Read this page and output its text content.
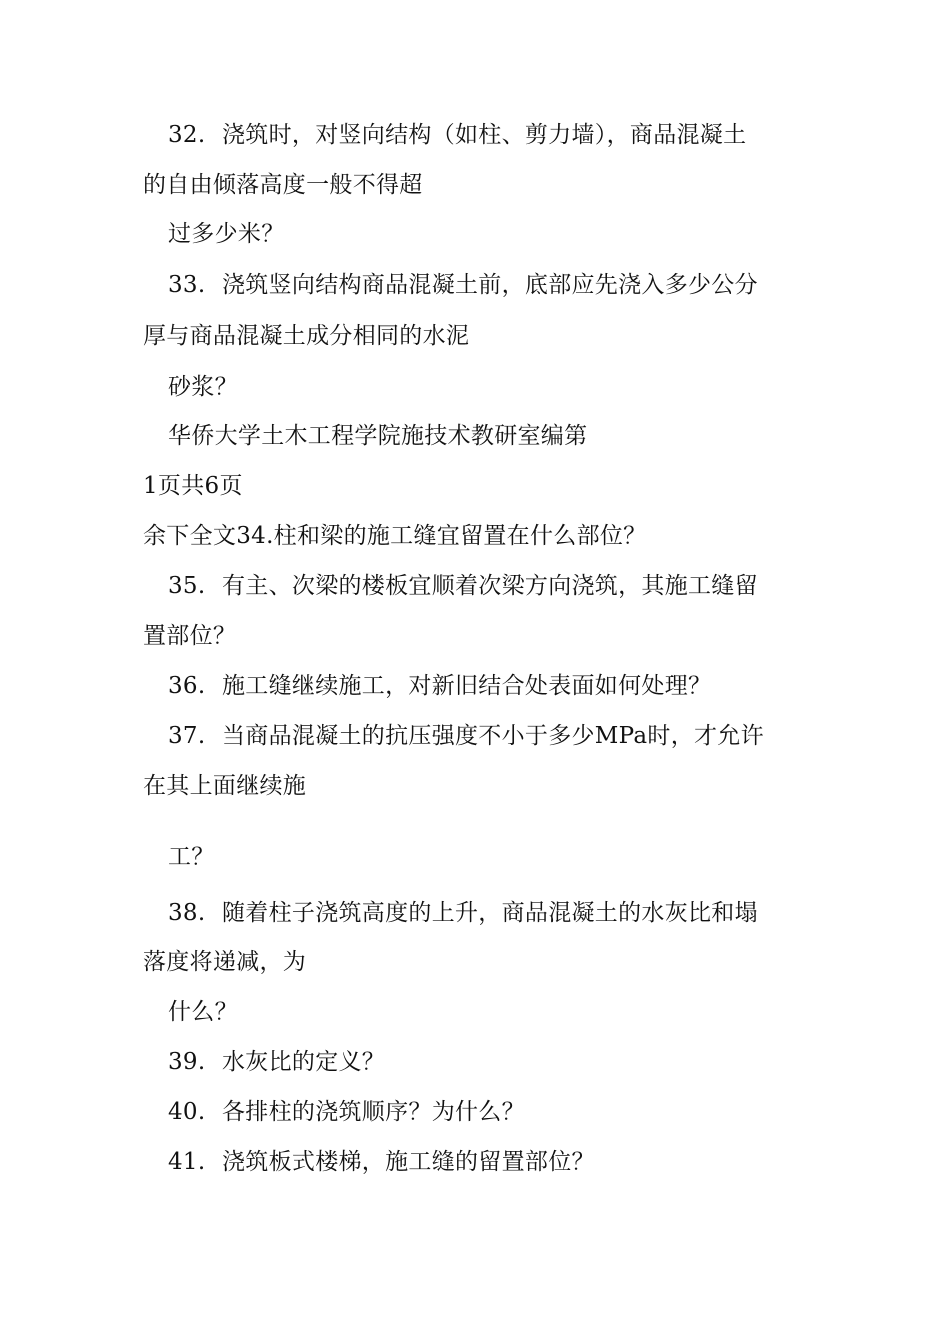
32. 浇筑时，对竖向结构（如柱、剪力墙），商品混凝土
的自由倾落高度一般不得超
过多少米？
33. 浇筑竖向结构商品混凝土前，底部应先浇入多少公分
厚与商品混凝土成分相同的水泥
砂浆？
华侨大学土木工程学院施技术教研室编第
1页共6页
余下全文34.柱和梁的施工缝宜留置在什么部位？
35. 有主、次梁的楼板宜顺着次梁方向浇筑，其施工缝留
置部位？
36. 施工缝继续施工，对新旧结合处表面如何处理？
37. 当商品混凝土的抗压强度不小于多少MPa时，才允许
在其上面继续施
工？
38. 随着柱子浇筑高度的上升，商品混凝土的水灰比和塌
落度将递减，为
什么？
39. 水灰比的定义？
40. 各排柱的浇筑顺序？为什么？
41. 浇筑板式楼梯，施工缝的留置部位？
